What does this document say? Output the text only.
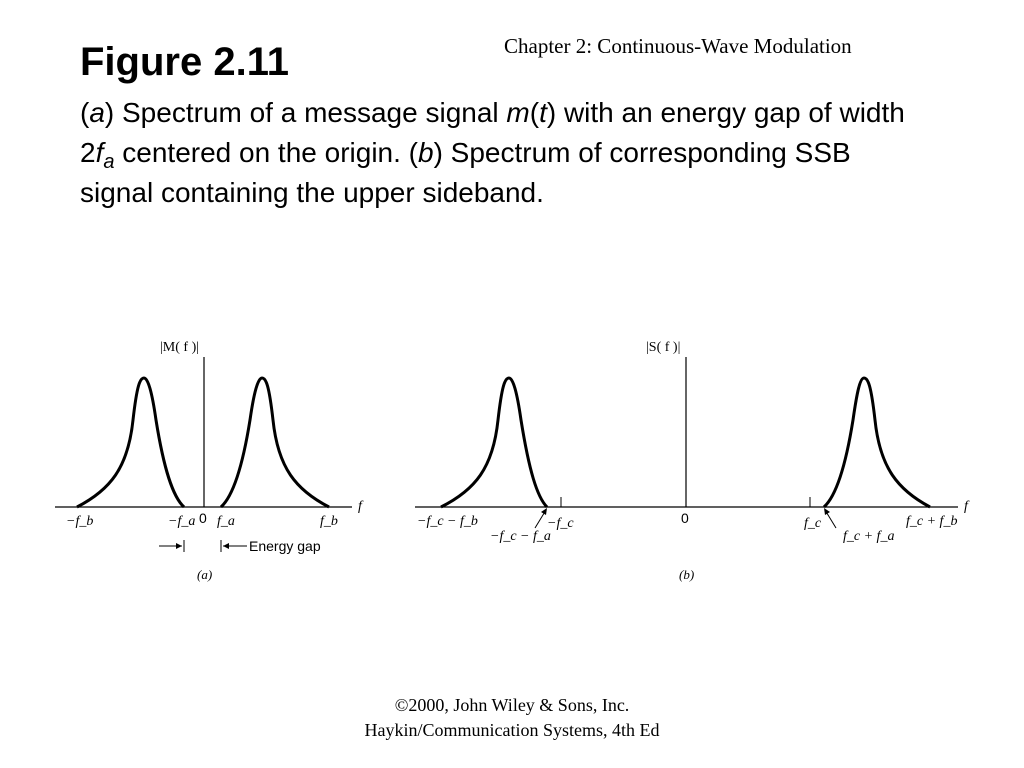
Chapter 2: Continuous-Wave Modulation
Figure 2.11
(a) Spectrum of a message signal m(t) with an energy gap of width $2f_a$ centered on the origin. (b) Spectrum of corresponding SSB signal containing the upper sideband.
|M( f )|
f
−f_b	−f_a 0 f_a	f_b
Energy gap
(a)
|S( f )|
f
−f_c − f_b
−f_c − f_a
−f_c	0	f_c
f_c + f_a
f_c + f_b
(b)
©2000, John Wiley & Sons, Inc.
Haykin/Communication Systems, 4th Ed
